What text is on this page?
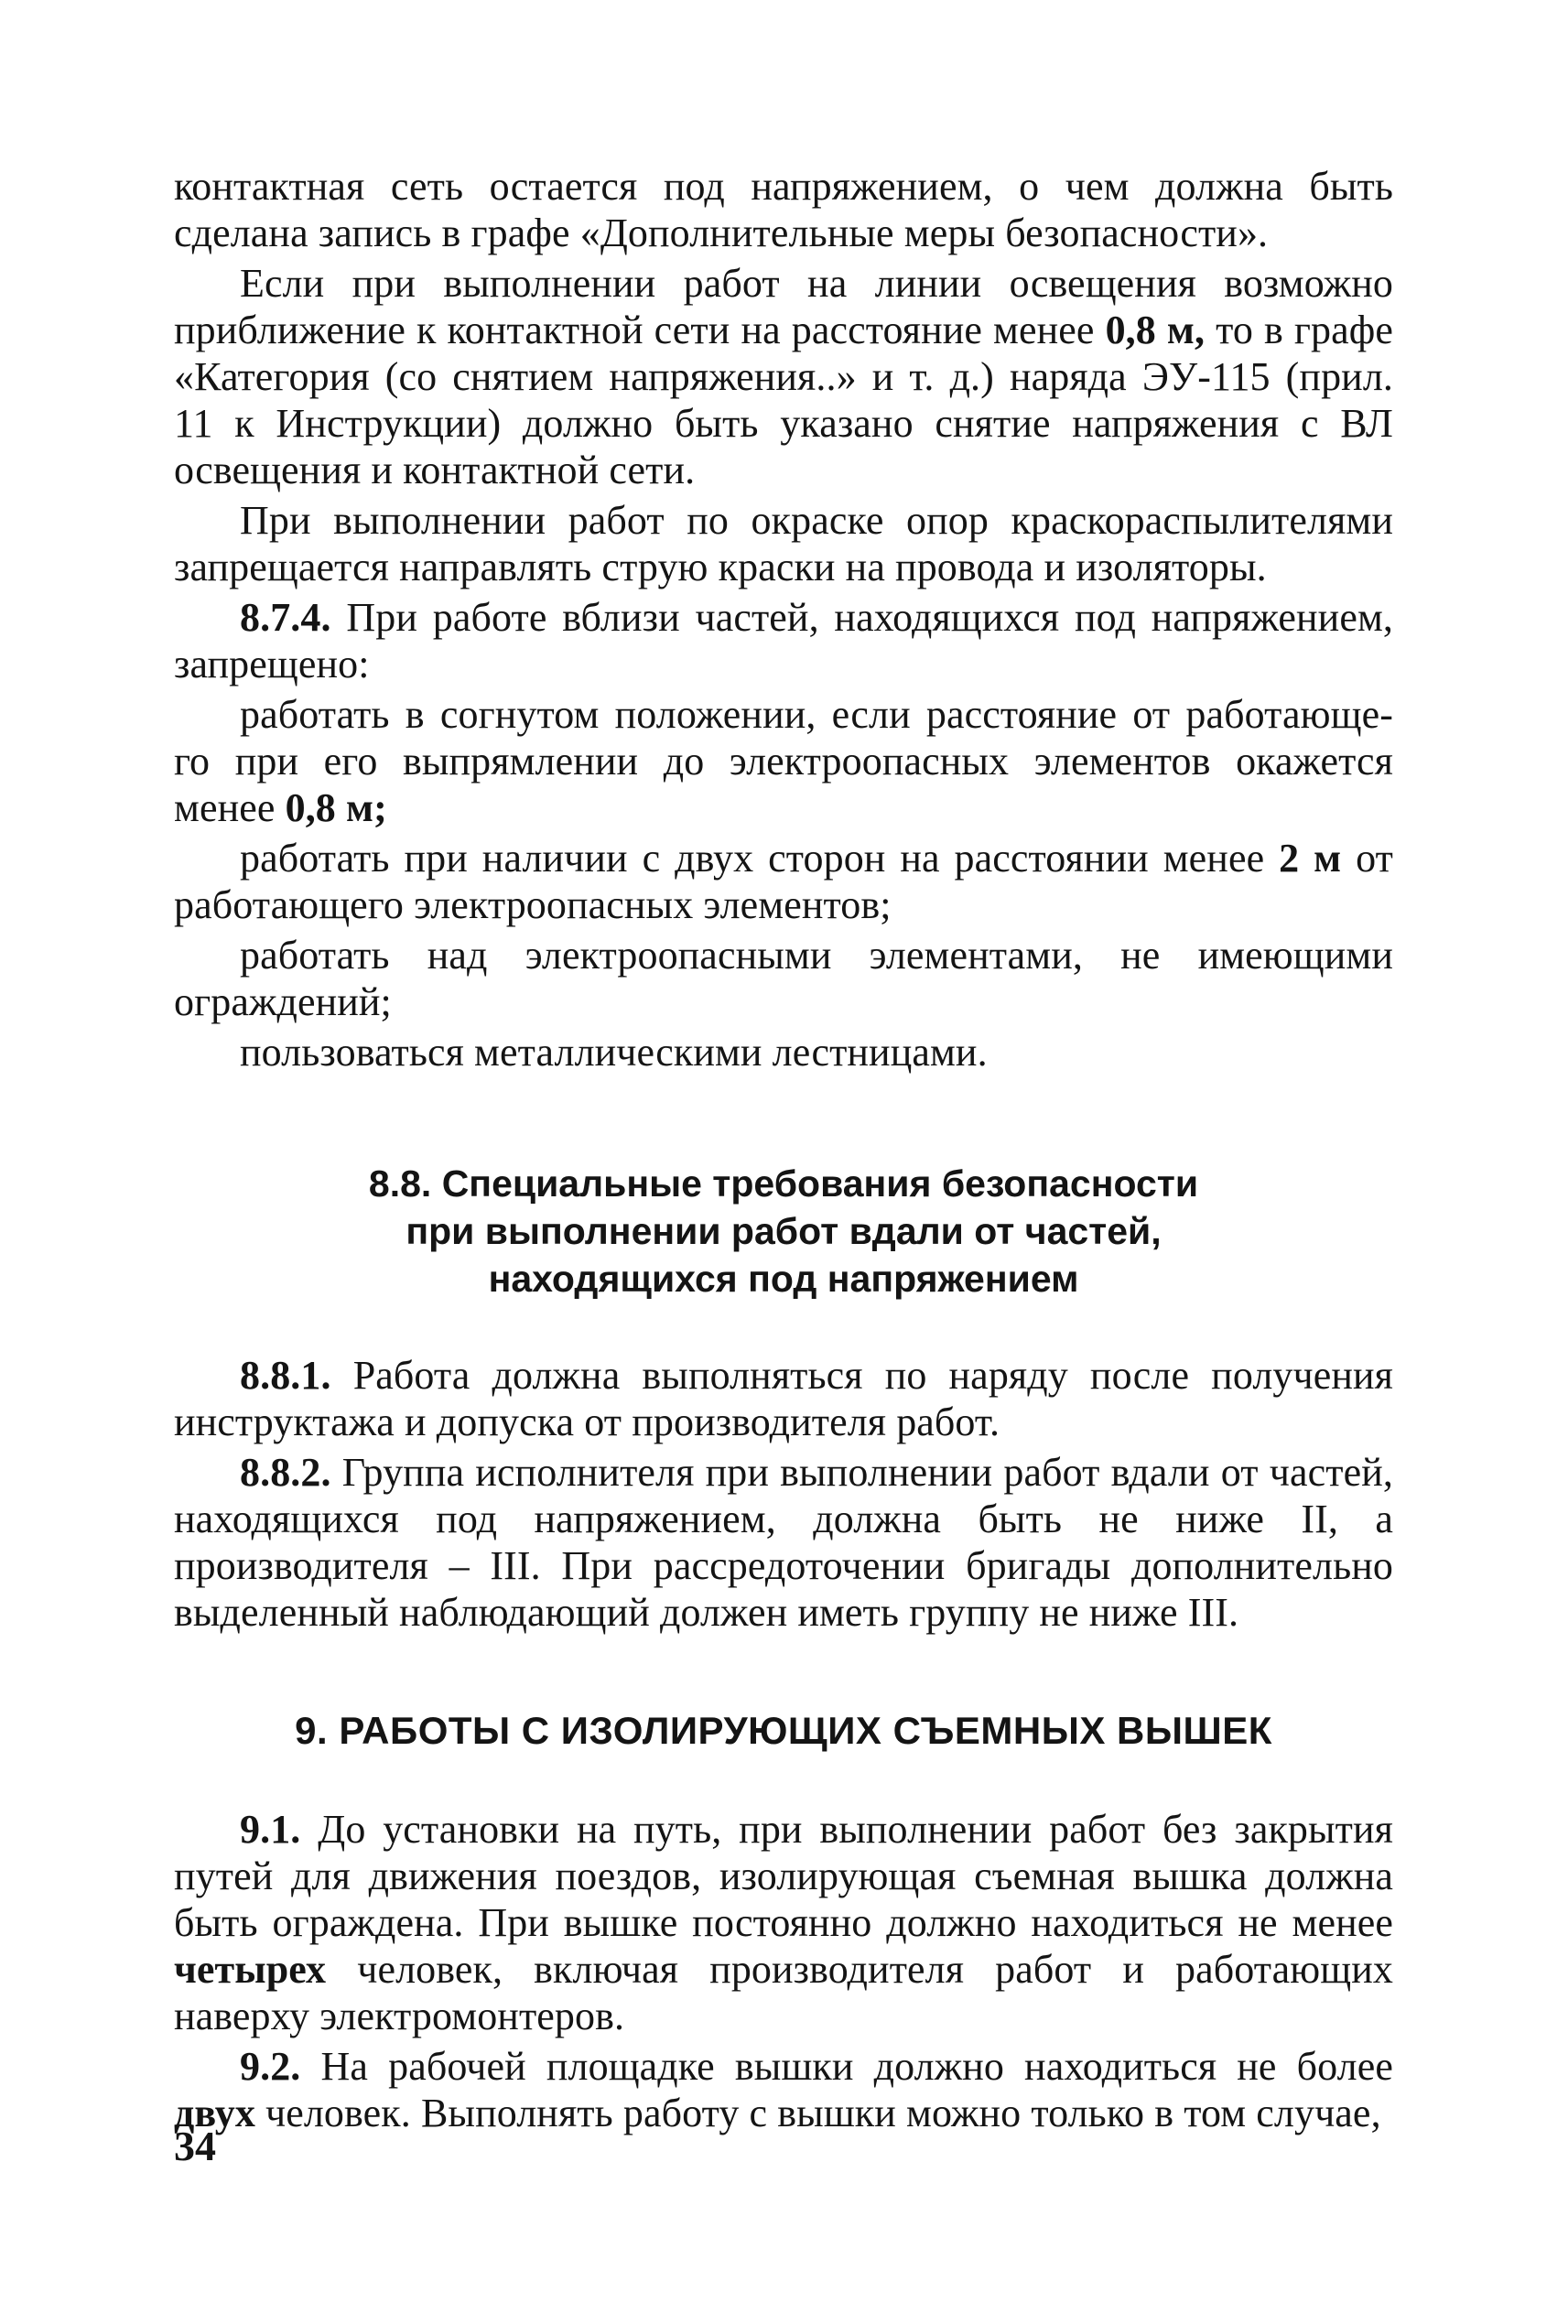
контактная сеть остается под напряжением, о чем должна быть сделана запись в графе «Дополнительные меры безопасности».

Если при выполнении работ на линии освещения возможно приближение к контактной сети на расстояние менее 0,8 м, то в графе «Категория (со снятием напряжения..» и т. д.) наряда ЭУ-115 (прил. 11 к Инструкции) должно быть указано снятие напряжения с ВЛ освещения и контактной сети.

При выполнении работ по окраске опор краскораспылителями запрещается направлять струю краски на провода и изоляторы.

8.7.4. При работе вблизи частей, находящихся под напряжением, запрещено:

работать в согнутом положении, если расстояние от работающе- го при его выпрямлении до электроопасных элементов окажется менее 0,8 м;

работать при наличии с двух сторон на расстоянии менее 2 м от работающего электроопасных элементов;

работать над электроопасными элементами, не имеющими ограждений;

пользоваться металлическими лестницами.

8.8. Специальные требования безопасности
при выполнении работ вдали от частей,
находящихся под напряжением

8.8.1. Работа должна выполняться по наряду после получения инструктажа и допуска от производителя работ.

8.8.2. Группа исполнителя при выполнении работ вдали от частей, находящихся под напряжением, должна быть не ниже II, а производителя – III. При рассредоточении бригады дополнительно выделенный наблюдающий должен иметь группу не ниже III.

9. РАБОТЫ С ИЗОЛИРУЮЩИХ СЪЕМНЫХ ВЫШЕК

9.1. До установки на путь, при выполнении работ без закрытия путей для движения поездов, изолирующая съемная вышка должна быть ограждена. При вышке постоянно должно находиться не менее четырех человек, включая производителя работ и работающих наверху электромонтеров.

9.2. На рабочей площадке вышки должно находиться не более двух человек. Выполнять работу с вышки можно только в том случае,

34
